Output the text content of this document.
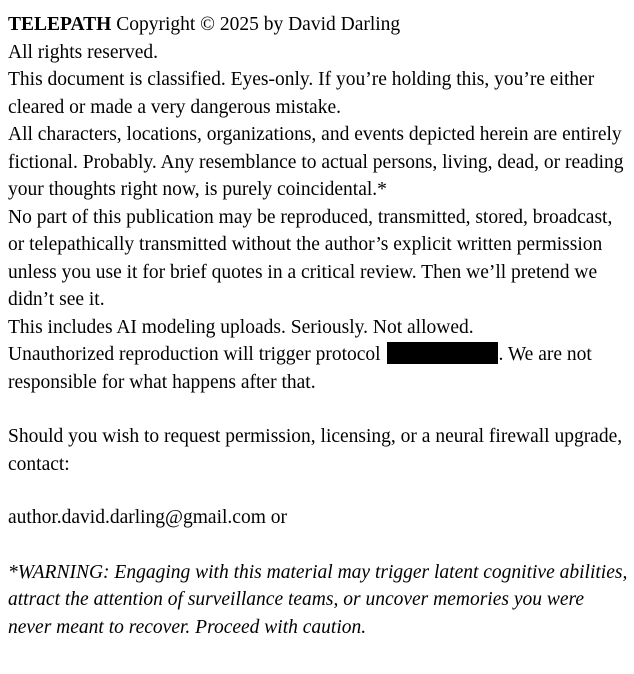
TELEPATH Copyright © 2025 by David Darling

All rights reserved.

This document is classified. Eyes-only. If you’re holding this, you’re either cleared or made a very dangerous mistake.

All characters, locations, organizations, and events depicted herein are entirely fictional. Probably. Any resemblance to actual persons, living, dead, or reading your thoughts right now, is purely coincidental.*

No part of this publication may be reproduced, transmitted, stored, broadcast, or telepathically transmitted without the author’s explicit written permission unless you use it for brief quotes in a critical review. Then we’ll pretend we didn’t see it.

This includes AI modeling uploads. Seriously. Not allowed.

Unauthorized reproduction will trigger protocol	. We are not responsible for what happens after that.

Should you wish to request permission, licensing, or a neural firewall upgrade, contact:

author.david.darling@gmail.com or

*WARNING: Engaging with this material may trigger latent cognitive abilities, attract the attention of surveillance teams, or uncover memories you were never meant to recover. Proceed with caution.
